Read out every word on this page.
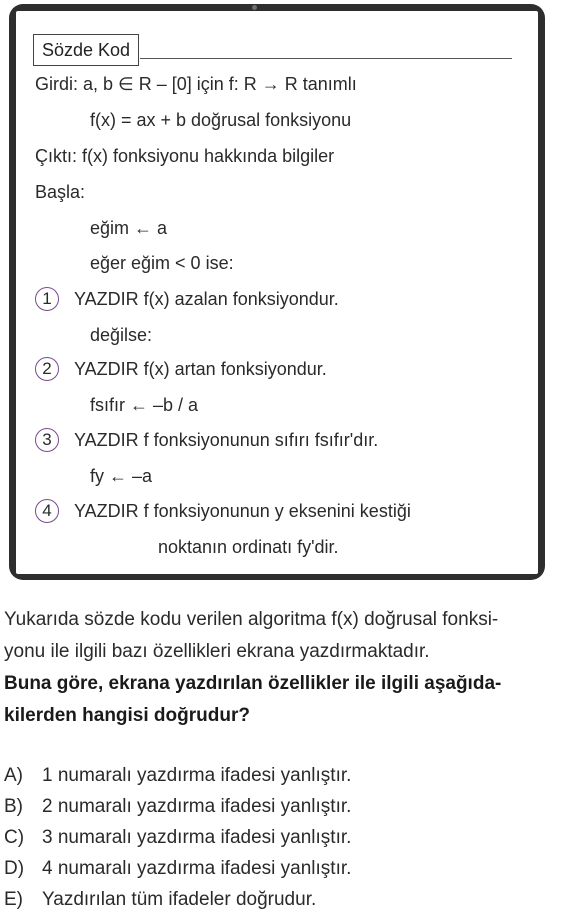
Sözde Kod
Girdi: a, b ∈ R – [0] için f: R → R tanımlı
f(x) = ax + b doğrusal fonksiyonu
Çıktı: f(x) fonksiyonu hakkında bilgiler
Başla:
eğim ← a
eğer eğim < 0 ise:
1	YAZDIR f(x) azalan fonksiyondur.
değilse:
2	YAZDIR f(x) artan fonksiyondur.
fsıfır ← –b / a
3	YAZDIR f fonksiyonunun sıfırı fsıfır'dır.
fy ← –a
4	YAZDIR f fonksiyonunun y eksenini kestiği
noktanın ordinatı fy'dir.
Yukarıda sözde kodu verilen algoritma f(x) doğrusal fonksi-
yonu ile ilgili bazı özellikleri ekrana yazdırmaktadır.
Buna göre, ekrana yazdırılan özellikler ile ilgili aşağıda-
kilerden hangisi doğrudur?
A) 1 numaralı yazdırma ifadesi yanlıştır.
B) 2 numaralı yazdırma ifadesi yanlıştır.
C) 3 numaralı yazdırma ifadesi yanlıştır.
D) 4 numaralı yazdırma ifadesi yanlıştır.
E) Yazdırılan tüm ifadeler doğrudur.
